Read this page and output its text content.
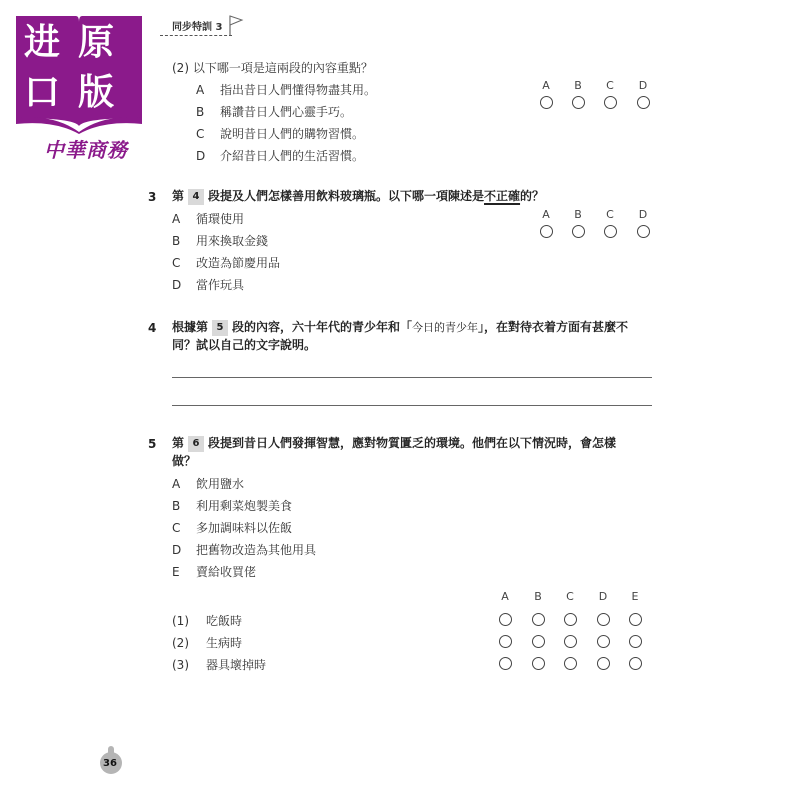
进原
口版
中華商務
同步特訓 3
(2) 以下哪一項是這兩段的內容重點？
A 指出昔日人們懂得物盡其用。
B 稱讚昔日人們心靈手巧。
C 說明昔日人們的購物習慣。
D 介紹昔日人們的生活習慣。
A	B	C	D
3 第 4 段提及人們怎樣善用飲料玻璃瓶。以下哪一項陳述是不正確的？
A 循環使用
B 用來換取金錢
C 改造為節慶用品
D 當作玩具
A	B	C	D
4 根據第 5 段的內容，六十年代的青少年和「今日的青少年」，在對待衣着方面有甚麼不
同？試以自己的文字說明。
5 第 6 段提到昔日人們發揮智慧，應對物質匱乏的環境。他們在以下情況時，會怎樣
做？
A 飲用鹽水
B 利用剩菜炮製美食
C 多加調味料以佐飯
D 把舊物改造為其他用具
E 賣給收買佬
A	B	C	D	E
(1) 吃飯時
(2) 生病時
(3) 器具壞掉時
36
